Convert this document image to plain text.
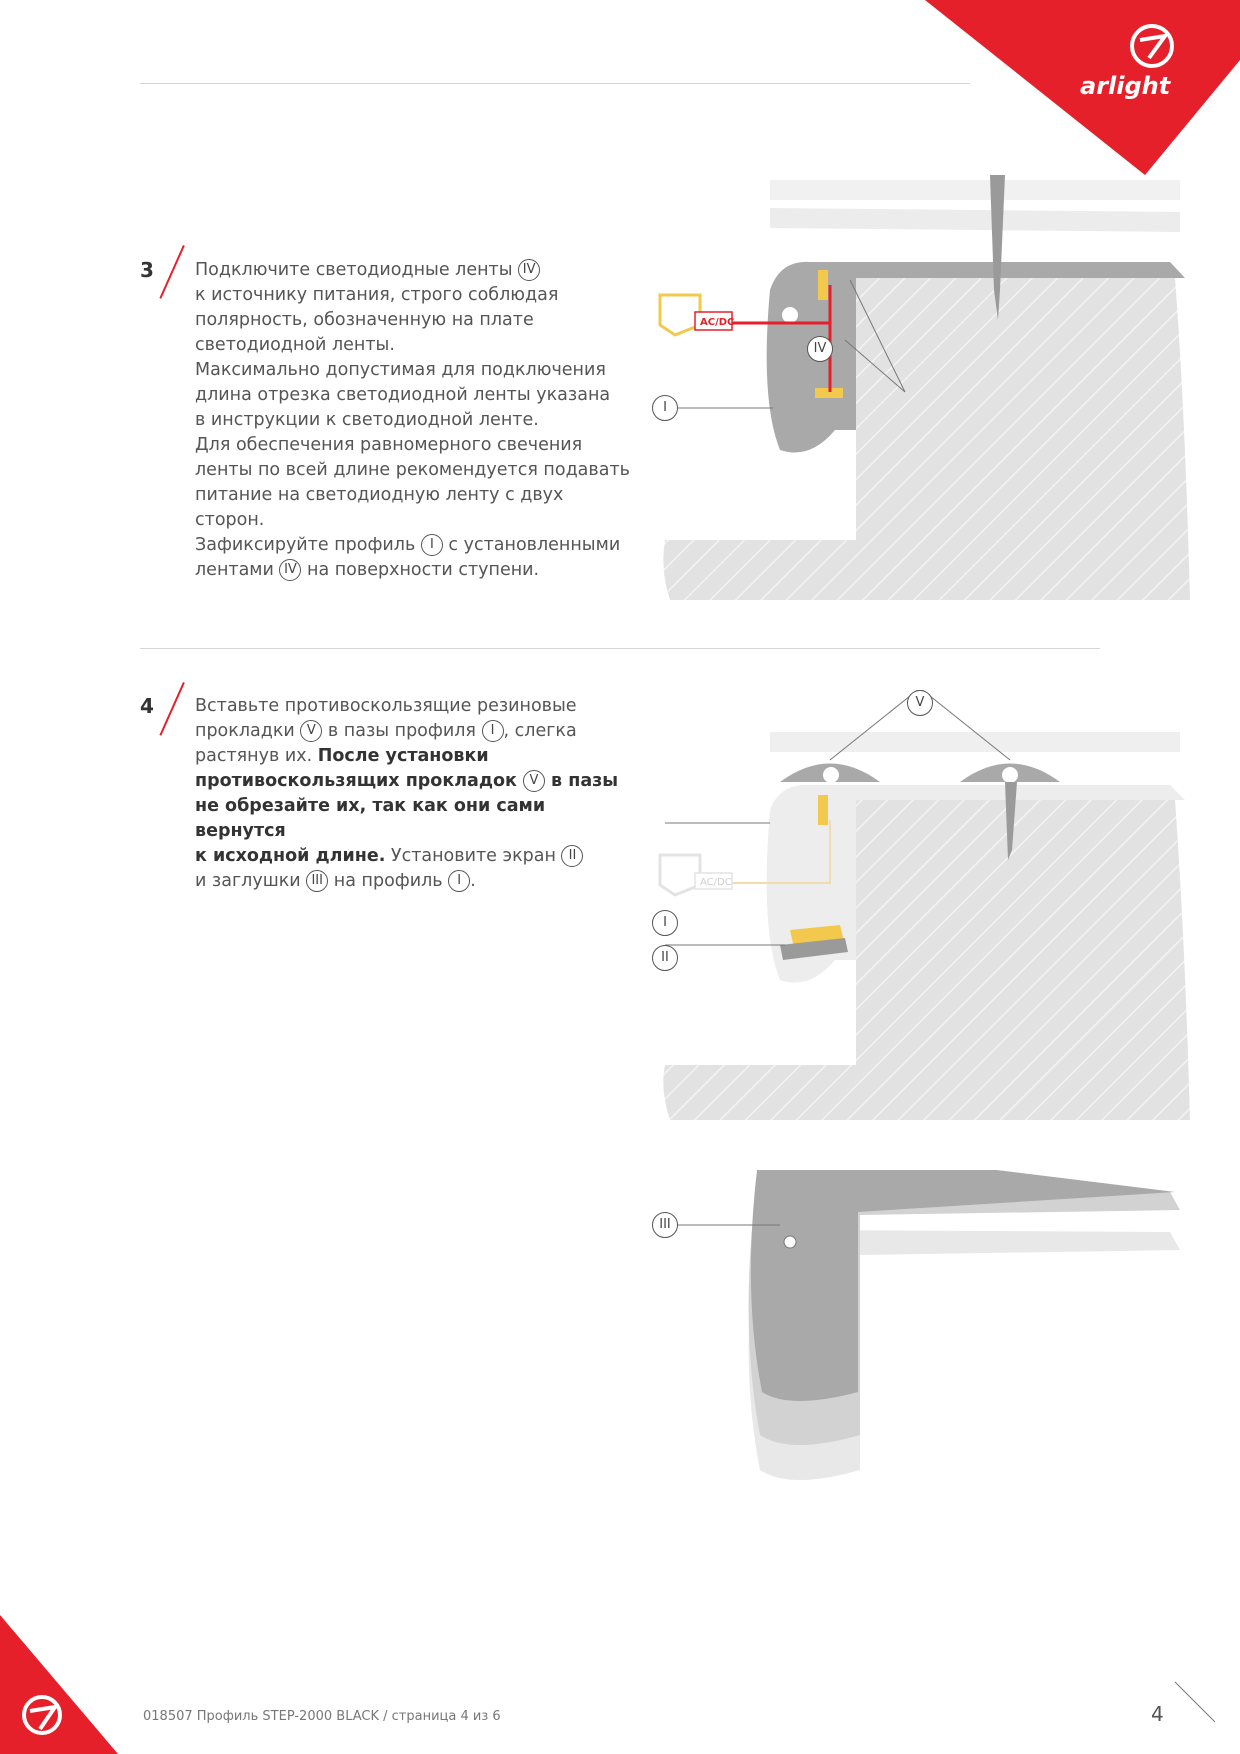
arlight
3 Подключите светодиодные ленты IV
к источнику питания, строго соблюдая
полярность, обозначенную на плате
светодиодной ленты.
Максимально допустимая для подключения
длина отрезка светодиодной ленты указана
в инструкции к светодиодной ленте.
Для обеспечения равномерного свечения
ленты по всей длине рекомендуется подавать
питание на светодиодную ленту с двух сторон.
Зафиксируйте профиль I с установленными
лентами IV на поверхности ступени.
4 Вставьте противоскользящие резиновые
прокладки V в пазы профиля I , слегка
растянув их. После установки
противоскользящих прокладок V в пазы
не обрезайте их, так как они сами вернутся
к исходной длине. Установите экран II
и заглушки III на профиль I .
AC/DC
IV
I
AC/DC
V
I
II
III
018507 Профиль STEP-2000 BLACK / страница 4 из 6	4
